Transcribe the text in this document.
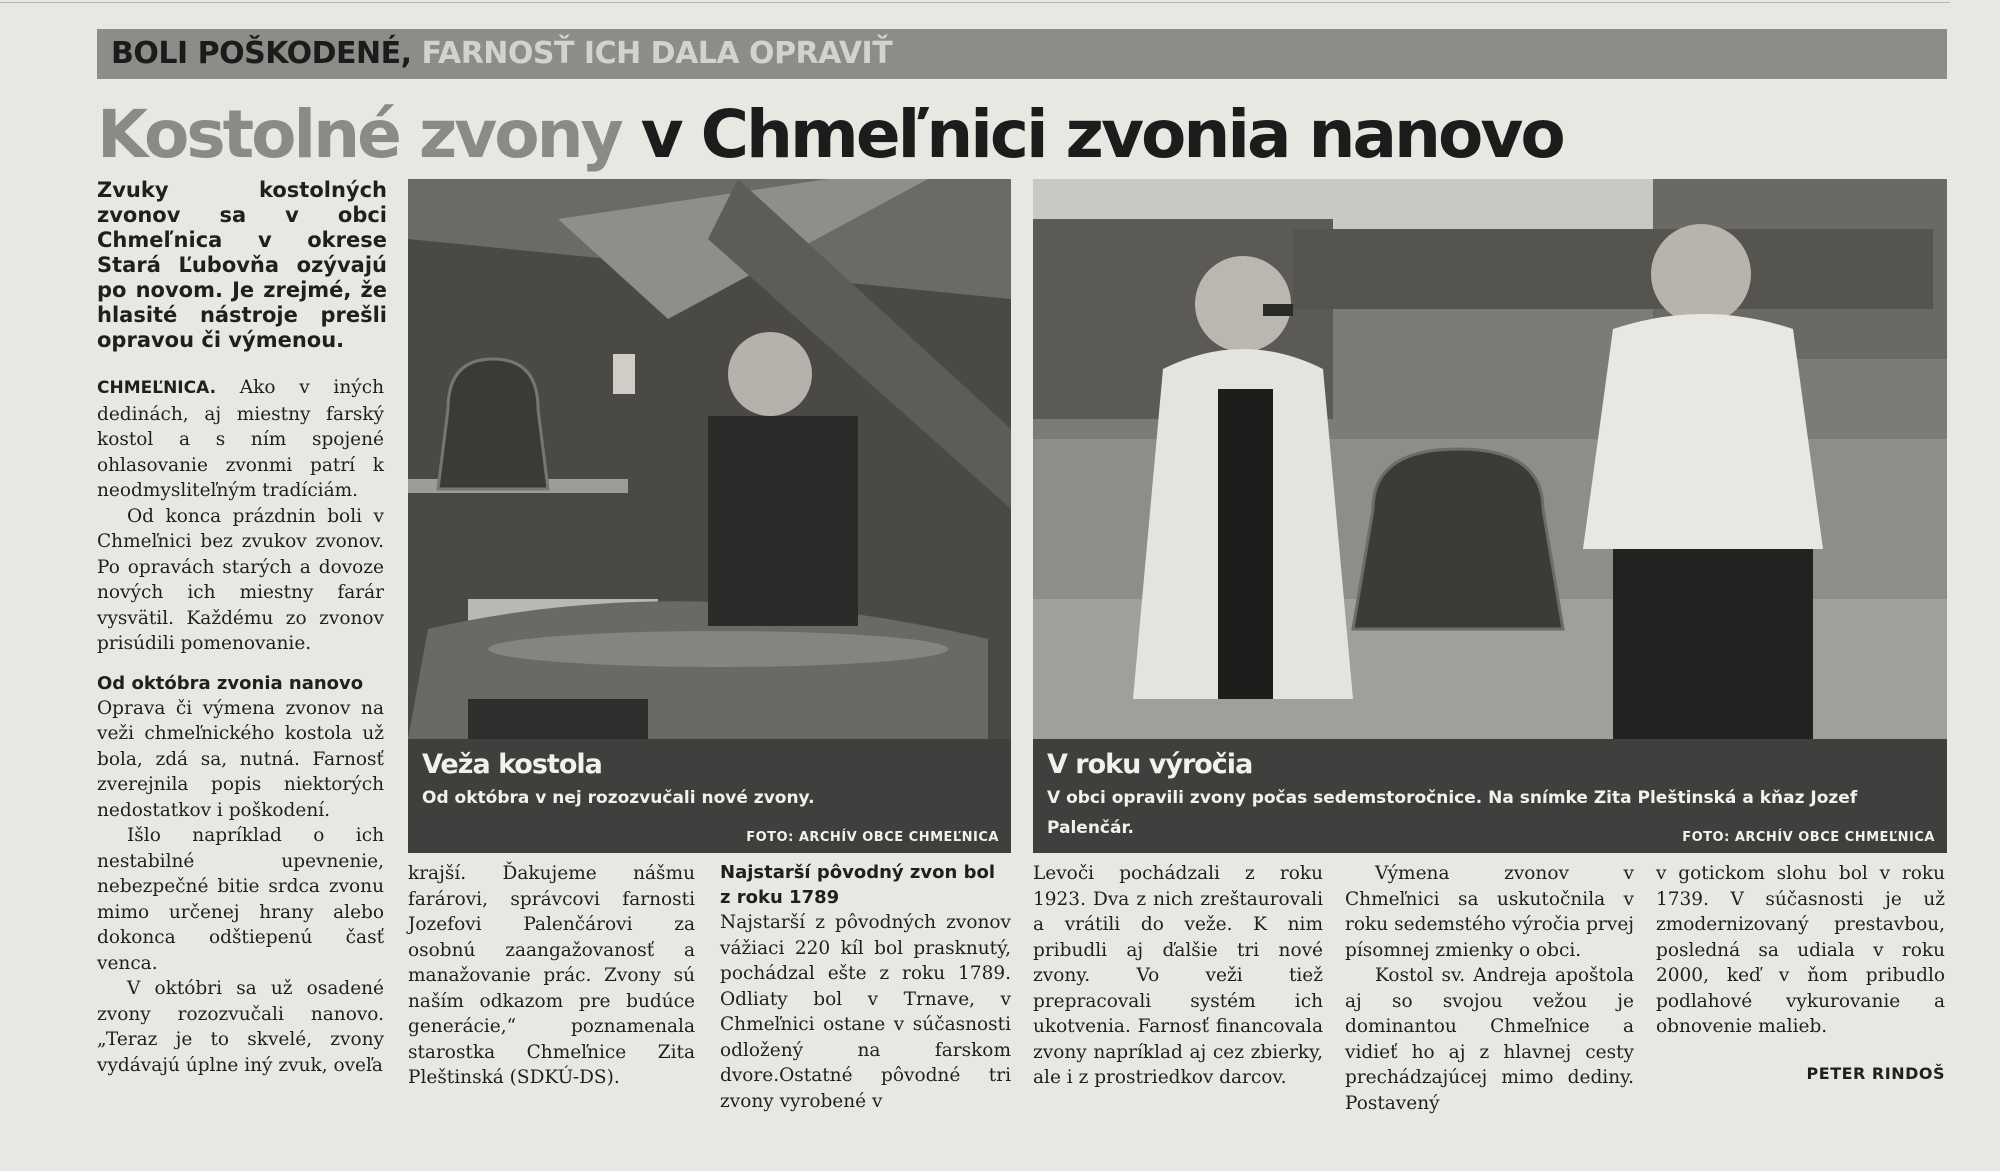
BOLI POŠKODENÉ, FARNOSŤ ICH DALA OPRAVIŤ
Kostolné zvony v Chmeľnici zvonia nanovo

Zvuky kostolných zvonov sa v obci Chmeľnica v okrese Stará Ľubovňa ozývajú po novom. Je zrejmé, že hlasité nástroje prešli opravou či výmenou.

CHMEĽNICA. Ako v iných dedinách, aj miestny farský kostol a s ním spojené ohlasovanie zvonmi patrí k neodmysliteľným tradíciám.

Od konca prázdnin boli v Chmeľnici bez zvukov zvonov. Po opravách starých a dovoze nových ich miestny farár vysvätil. Každému zo zvonov prisúdili pomenovanie.

Od októbra zvonia nanovo

Oprava či výmena zvonov na veži chmeľnického kostola už bola, zdá sa, nutná. Farnosť zverejnila popis niektorých nedostatkov i poškodení.

Išlo napríklad o ich nestabilné upevnenie, nebezpečné bitie srdca zvonu mimo určenej hrany alebo dokonca odštiepenú časť venca.

V októbri sa už osadené zvony rozozvučali nanovo. „Teraz je to skvelé, zvony vydávajú úplne iný zvuk, oveľa

Veža kostola
Od októbra v nej rozozvučali nové zvony.
FOTO: ARCHÍV OBCE CHMEĽNICA
V roku výročia
V obci opravili zvony počas sedemstoročnice. Na snímke Zita Pleštinská a kňaz Jozef Palenčár.	FOTO: ARCHÍV OBCE CHMEĽNICA

krajší. Ďakujeme nášmu farárovi, správcovi farnosti Jozefovi Palenčárovi za osobnú zaangažovanosť a manažovanie prác. Zvony sú naším odkazom pre budúce generácie,“ poznamenala starostka Chmeľnice Zita Pleštinská (SDKÚ-DS).

Najstarší pôvodný zvon bol z roku 1789

Najstarší z pôvodných zvonov vážiaci 220 kíl bol prasknutý, pochádzal ešte z roku 1789. Odliaty bol v Trnave, v Chmeľnici ostane v súčasnosti odložený na farskom dvore.Ostatné pôvodné tri zvony vyrobené v

Levoči pochádzali z roku 1923. Dva z nich zreštaurovali a vrátili do veže. K nim pribudli aj ďalšie tri nové zvony. Vo veži tiež prepracovali systém ich ukotvenia. Farnosť financovala zvony napríklad aj cez zbierky, ale i z prostriedkov darcov.

Výmena zvonov v Chmeľnici sa uskutočnila v roku sedemstého výročia prvej písomnej zmienky o obci.

Kostol sv. Andreja apoštola aj so svojou vežou je dominantou Chmeľnice a vidieť ho aj z hlavnej cesty prechádzajúcej mimo dediny. Postavený

v gotickom slohu bol v roku 1739. V súčasnosti je už zmodernizovaný prestavbou, posledná sa udiala v roku 2000, keď v ňom pribudlo podlahové vykurovanie a obnovenie malieb.

PETER RINDOŠ
